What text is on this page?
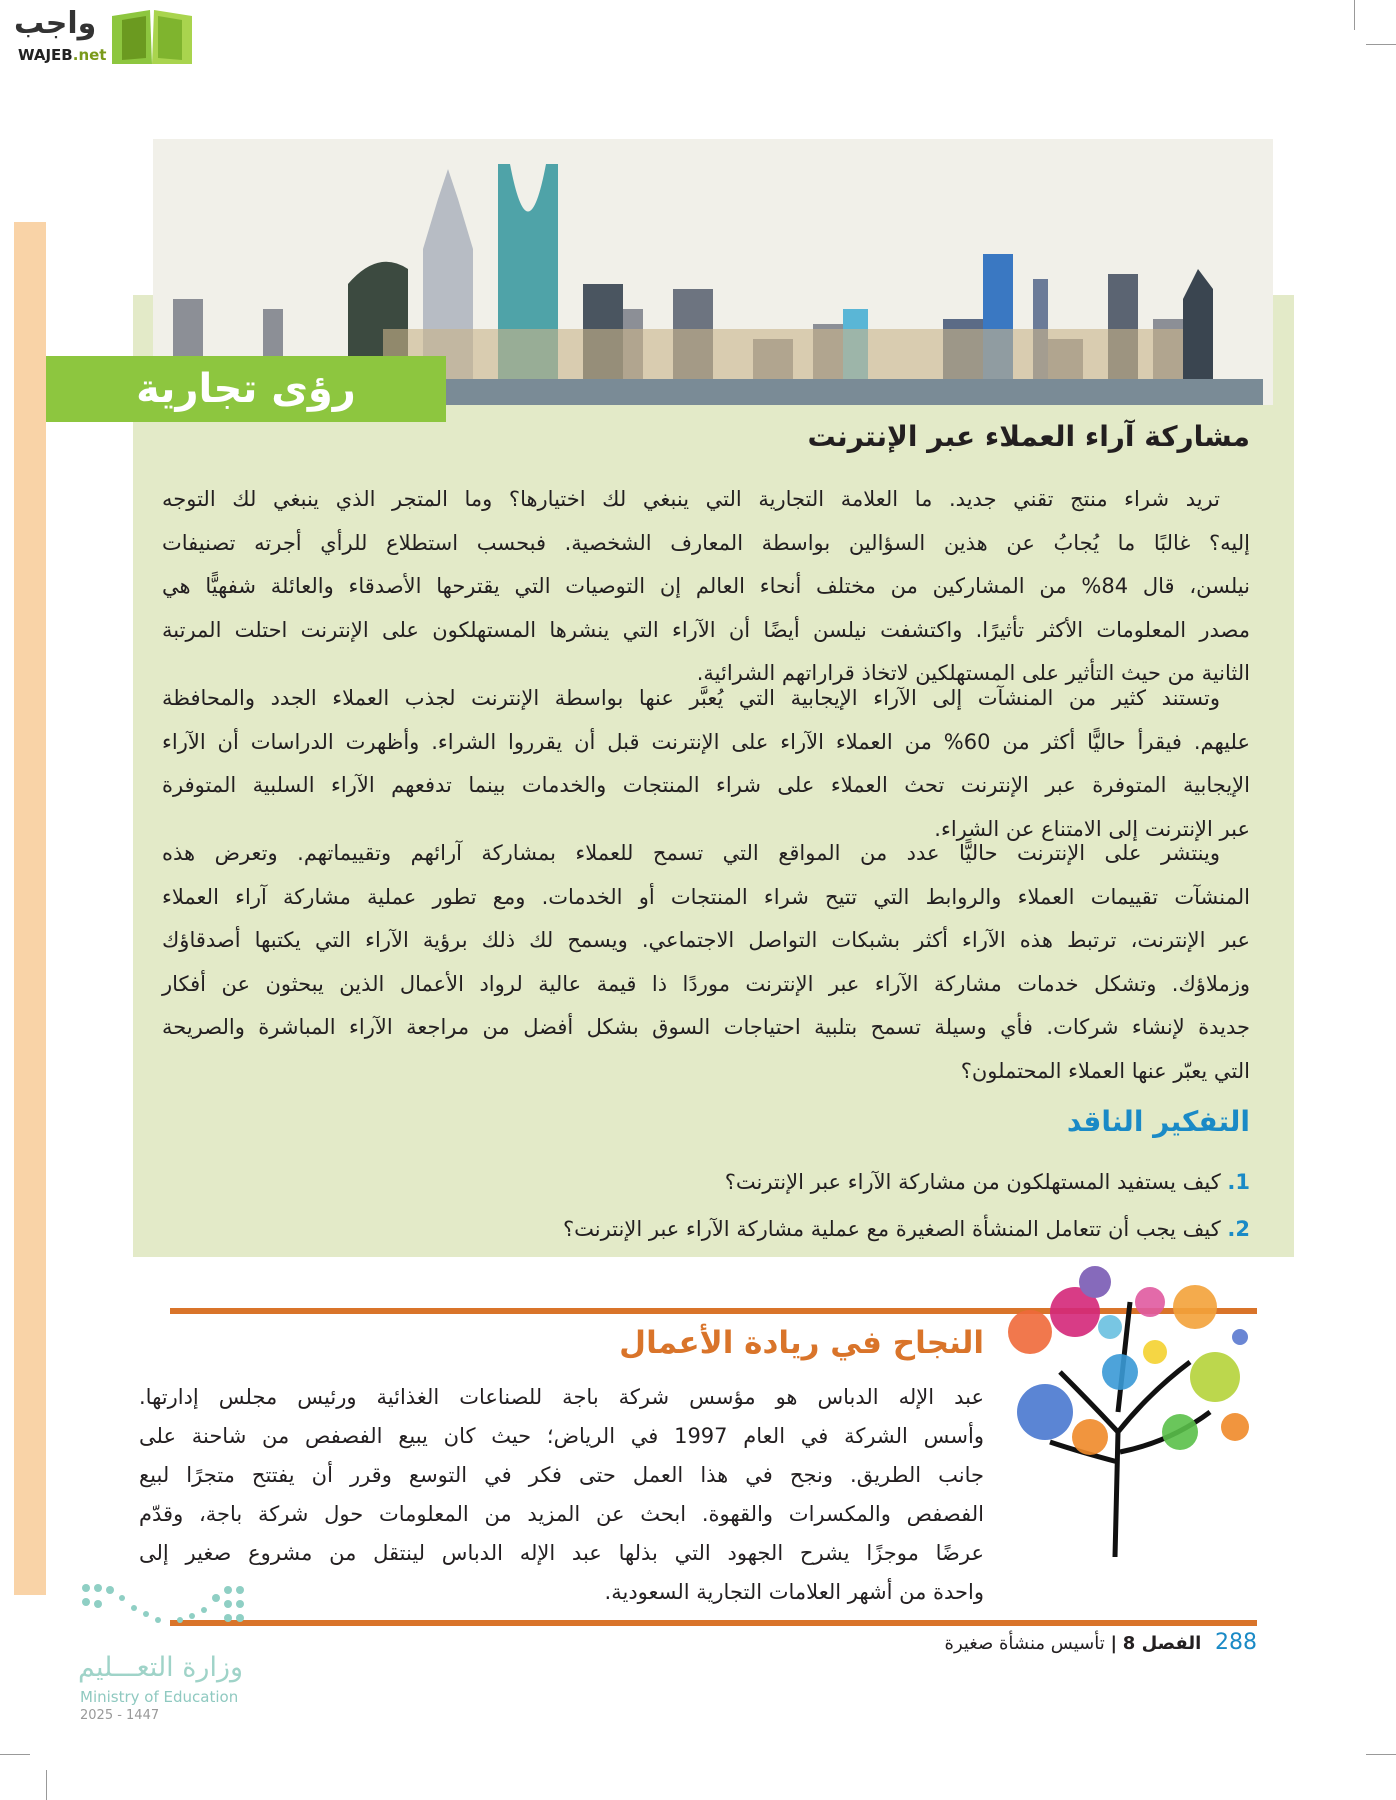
واجب
WAJEB.net
رؤى تجارية
مشاركة آراء العملاء عبر الإنترنت
تريد شراء منتج تقني جديد. ما العلامة التجارية التي ينبغي لك اختيارها؟ وما المتجر الذي ينبغي لك التوجه
إليه؟ غالبًا ما يُجابُ عن هذين السؤالين بواسطة المعارف الشخصية. فبحسب استطلاع للرأي أجرته تصنيفات
نيلسن، قال 84% من المشاركين من مختلف أنحاء العالم إن التوصيات التي يقترحها الأصدقاء والعائلة شفهيًّا هي
مصدر المعلومات الأكثر تأثيرًا. واكتشفت نيلسن أيضًا أن الآراء التي ينشرها المستهلكون على الإنترنت احتلت المرتبة
الثانية من حيث التأثير على المستهلكين لاتخاذ قراراتهم الشرائية.
وتستند كثير من المنشآت إلى الآراء الإيجابية التي يُعبَّر عنها بواسطة الإنترنت لجذب العملاء الجدد والمحافظة
عليهم. فيقرأ حاليًّا أكثر من 60% من العملاء الآراء على الإنترنت قبل أن يقرروا الشراء. وأظهرت الدراسات أن الآراء
الإيجابية المتوفرة عبر الإنترنت تحث العملاء على شراء المنتجات والخدمات بينما تدفعهم الآراء السلبية المتوفرة
عبر الإنترنت إلى الامتناع عن الشراء.
وينتشر على الإنترنت حاليًّا عدد من المواقع التي تسمح للعملاء بمشاركة آرائهم وتقييماتهم. وتعرض هذه
المنشآت تقييمات العملاء والروابط التي تتيح شراء المنتجات أو الخدمات. ومع تطور عملية مشاركة آراء العملاء
عبر الإنترنت، ترتبط هذه الآراء أكثر بشبكات التواصل الاجتماعي. ويسمح لك ذلك برؤية الآراء التي يكتبها أصدقاؤك
وزملاؤك. وتشكل خدمات مشاركة الآراء عبر الإنترنت موردًا ذا قيمة عالية لرواد الأعمال الذين يبحثون عن أفكار
جديدة لإنشاء شركات. فأي وسيلة تسمح بتلبية احتياجات السوق بشكل أفضل من مراجعة الآراء المباشرة والصريحة
التي يعبّر عنها العملاء المحتملون؟
التفكير الناقد
1. كيف يستفيد المستهلكون من مشاركة الآراء عبر الإنترنت؟
2. كيف يجب أن تتعامل المنشأة الصغيرة مع عملية مشاركة الآراء عبر الإنترنت؟
النجاح في ريادة الأعمال
عبد الإله الدباس هو مؤسس شركة باجة للصناعات الغذائية ورئيس مجلس إدارتها.
وأسس الشركة في العام 1997 في الرياض؛ حيث كان يبيع الفصفص من شاحنة على
جانب الطريق. ونجح في هذا العمل حتى فكر في التوسع وقرر أن يفتتح متجرًا لبيع
الفصفص والمكسرات والقهوة. ابحث عن المزيد من المعلومات حول شركة باجة، وقدّم
عرضًا موجزًا يشرح الجهود التي بذلها عبد الإله الدباس لينتقل من مشروع صغير إلى
واحدة من أشهر العلامات التجارية السعودية.
288 الفصل 8 | تأسيس منشأة صغيرة
وزارة التعـــليم
Ministry of Education
2025 - 1447
